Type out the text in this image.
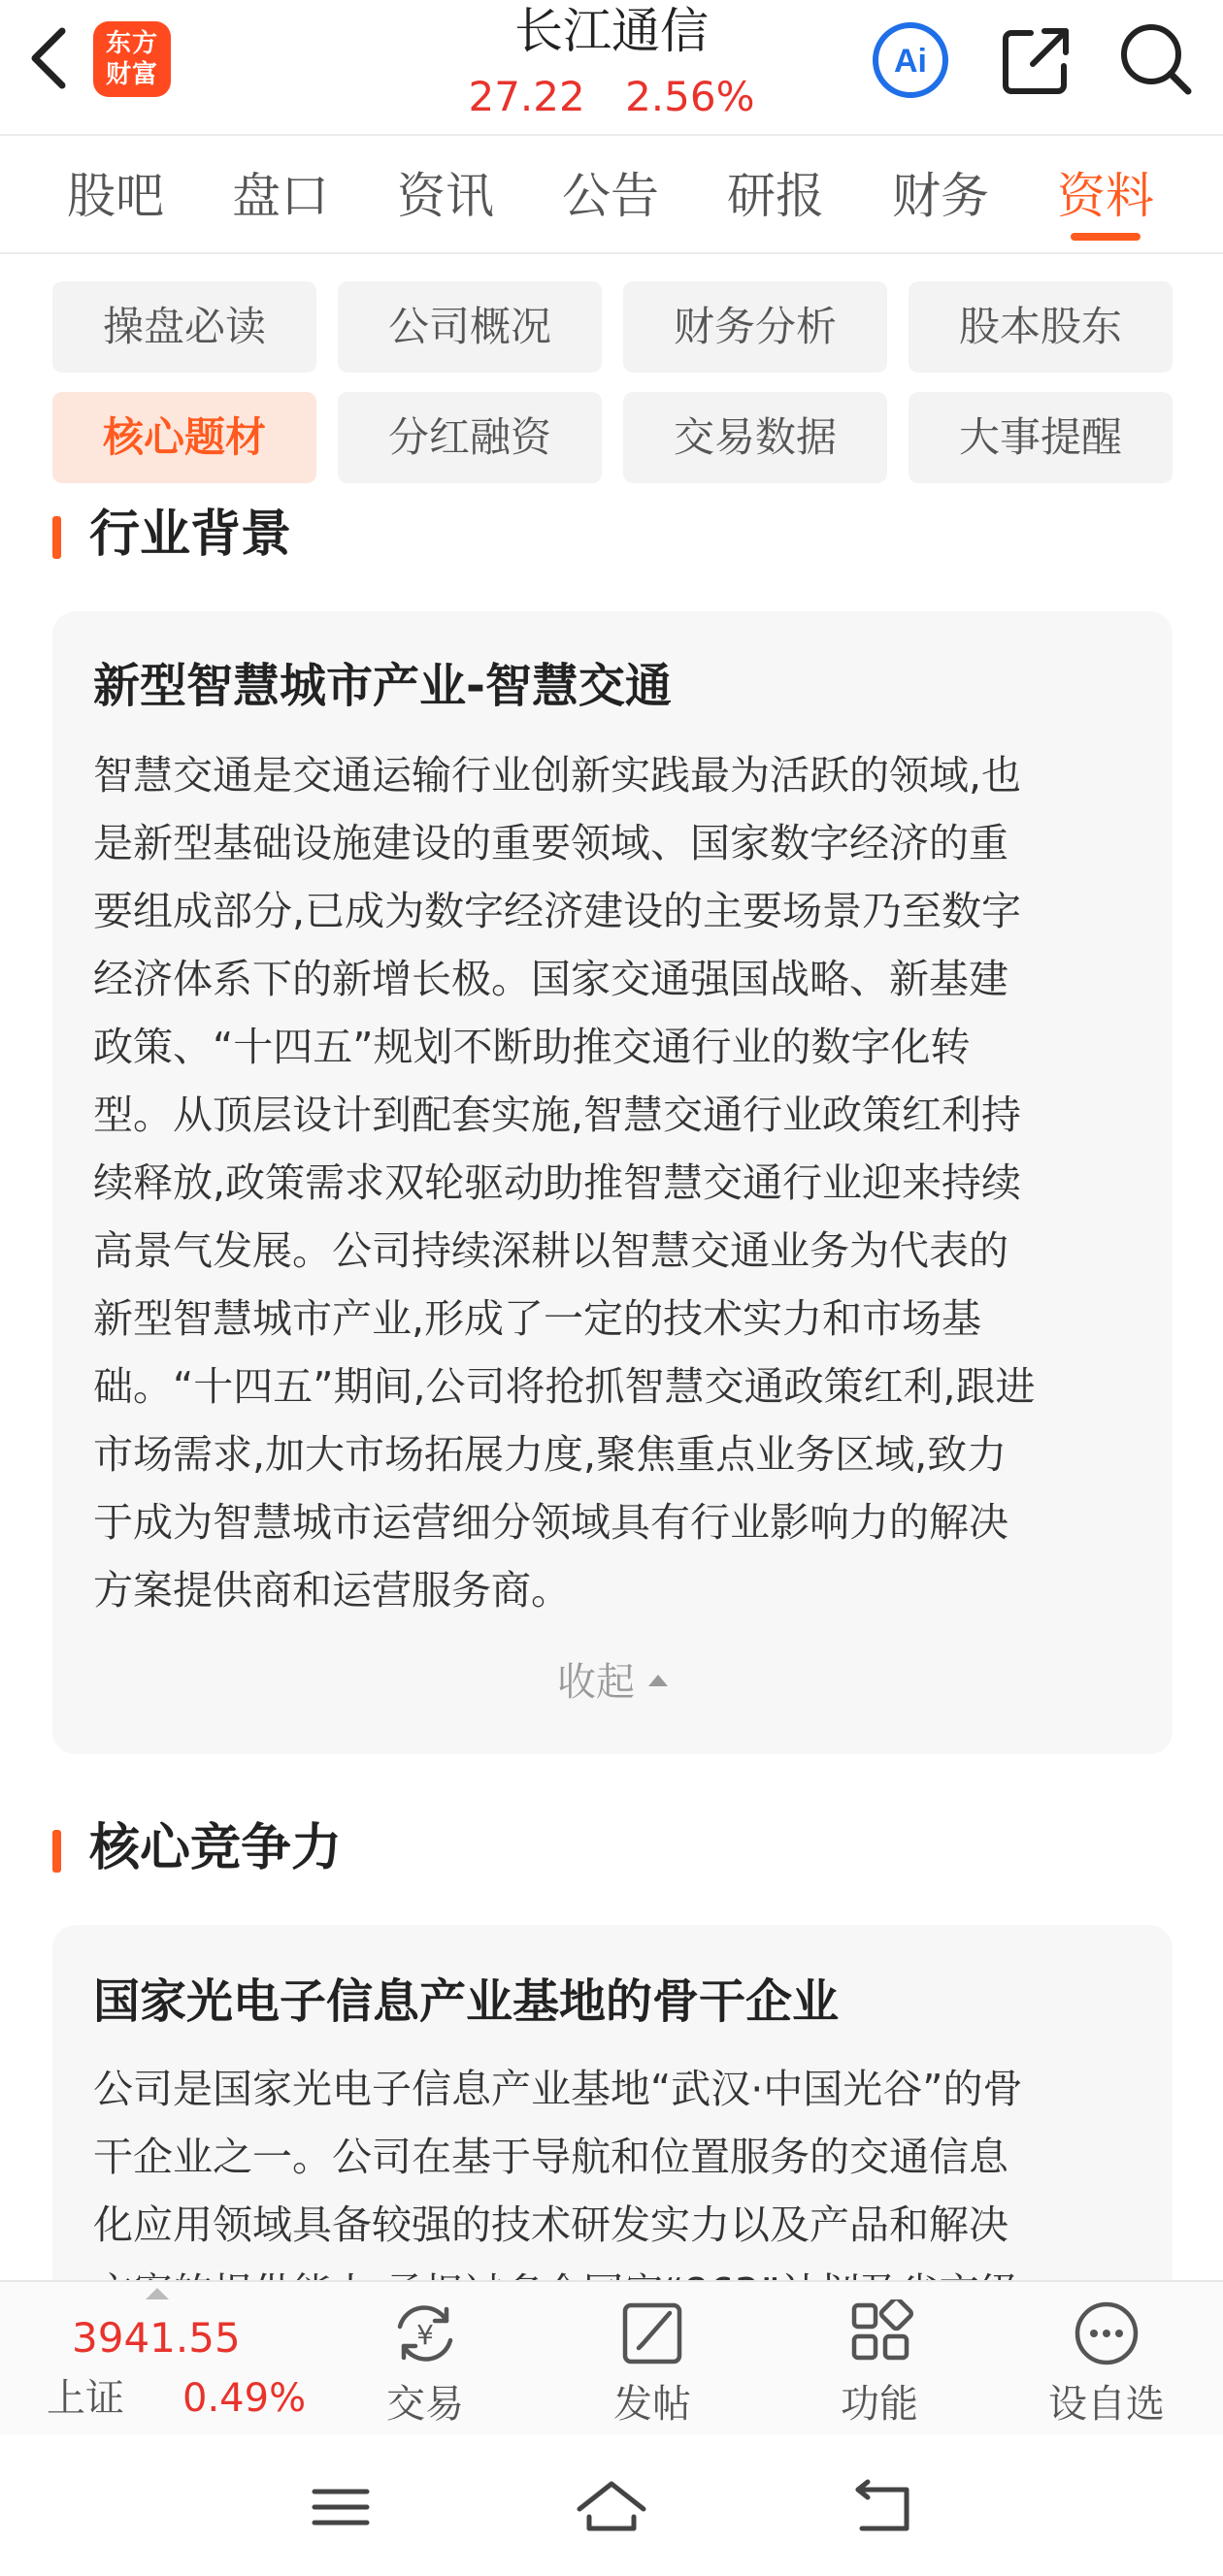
东方
财富
长江通信
27.22 2.56%
Ai
股吧	盘口	资讯	公告	研报	财务	资料
操盘必读	公司概况	财务分析	股本股东
核心题材	分红融资	交易数据	大事提醒
行业背景
新型智慧城市产业-智慧交通
智慧交通是交通运输行业创新实践最为活跃的领域,也
是新型基础设施建设的重要领域、国家数字经济的重
要组成部分,已成为数字经济建设的主要场景乃至数字
经济体系下的新增长极。国家交通强国战略、新基建
政策、“十四五”规划不断助推交通行业的数字化转
型。从顶层设计到配套实施,智慧交通行业政策红利持
续释放,政策需求双轮驱动助推智慧交通行业迎来持续
高景气发展。公司持续深耕以智慧交通业务为代表的
新型智慧城市产业,形成了一定的技术实力和市场基
础。“十四五”期间,公司将抢抓智慧交通政策红利,跟进
市场需求,加大市场拓展力度,聚焦重点业务区域,致力
于成为智慧城市运营细分领域具有行业影响力的解决
方案提供商和运营服务商。
收起
核心竞争力
国家光电子信息产业基地的骨干企业
公司是国家光电子信息产业基地“武汉·中国光谷”的骨
干企业之一。公司在基于导航和位置服务的交通信息
化应用领域具备较强的技术研发实力以及产品和解决
3941.55
上证 0.49%
¥
交易	发帖	功能	设自选
